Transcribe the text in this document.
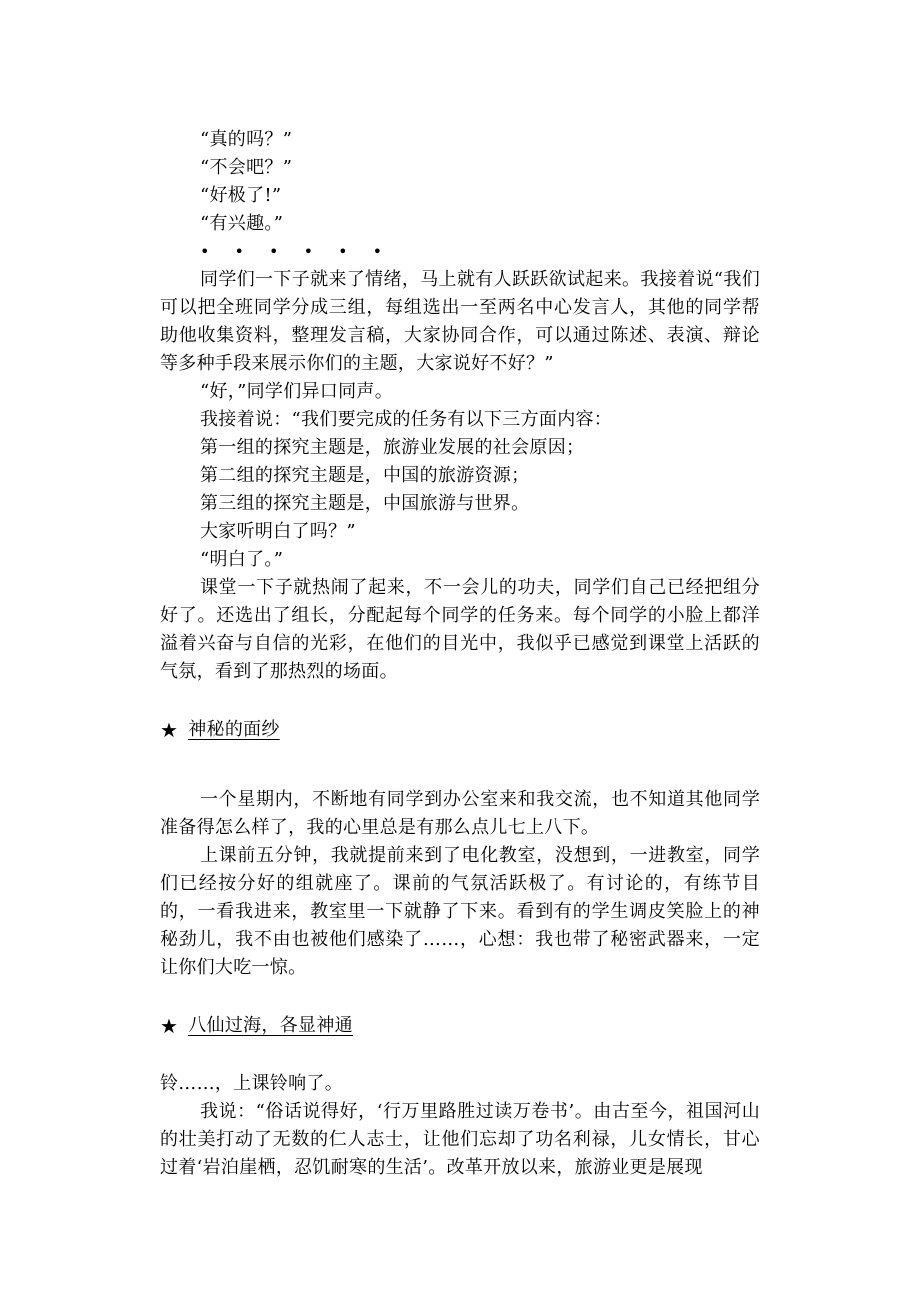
“真的吗？”
“不会吧？”
“好极了!”
“有兴趣。”
• • • • • •
同学们一下子就来了情绪，马上就有人跃跃欲试起来。我接着说“我们可以把全班同学分成三组，每组选出一至两名中心发言人，其他的同学帮助他收集资料，整理发言稿，大家协同合作，可以通过陈述、表演、辩论等多种手段来展示你们的主题，大家说好不好？”
“好，”同学们异口同声。
我接着说：“我们要完成的任务有以下三方面内容：
第一组的探究主题是，旅游业发展的社会原因；
第二组的探究主题是，中国的旅游资源；
第三组的探究主题是，中国旅游与世界。
大家听明白了吗？”
“明白了。”
课堂一下子就热闹了起来，不一会儿的功夫，同学们自己已经把组分好了。还选出了组长，分配起每个同学的任务来。每个同学的小脸上都洋溢着兴奋与自信的光彩，在他们的目光中，我似乎已感觉到课堂上活跃的气氛，看到了那热烈的场面。
★ 神秘的面纱
一个星期内，不断地有同学到办公室来和我交流，也不知道其他同学准备得怎么样了，我的心里总是有那么点儿七上八下。
上课前五分钟，我就提前来到了电化教室，没想到，一进教室，同学们已经按分好的组就座了。课前的气氛活跃极了。有讨论的，有练节目的，一看我进来，教室里一下就静了下来。看到有的学生调皮笑脸上的神秘劲儿，我不由也被他们感染了……，心想：我也带了秘密武器来，一定让你们大吃一惊。
★ 八仙过海，各显神通
铃……，上课铃响了。
我说：“俗话说得好，‘行万里路胜过读万卷书’。由古至今，祖国河山的壮美打动了无数的仁人志士，让他们忘却了功名利禄，儿女情长，甘心过着‘岩泊崖栖，忍饥耐寒的生活’。改革开放以来，旅游业更是展现
